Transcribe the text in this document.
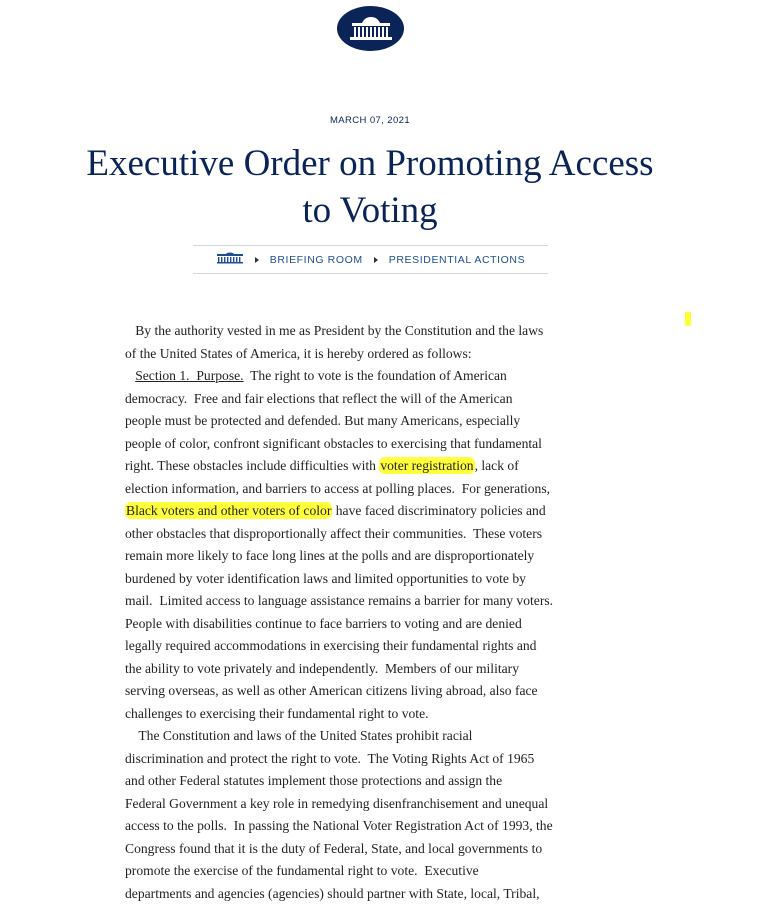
MARCH 07, 2021
Executive Order on Promoting Access
to Voting
BRIEFING ROOM PRESIDENTIAL ACTIONS
By the authority vested in me as President by the Constitution and the laws
of the United States of America, it is hereby ordered as follows:
Section 1.  Purpose.  The right to vote is the foundation of American
democracy.  Free and fair elections that reflect the will of the American
people must be protected and defended. But many Americans, especially
people of color, confront significant obstacles to exercising that fundamental
right. These obstacles include difficulties with voter registration, lack of
election information, and barriers to access at polling places.  For generations,
Black voters and other voters of color have faced discriminatory policies and
other obstacles that disproportionally affect their communities.  These voters
remain more likely to face long lines at the polls and are disproportionately
burdened by voter identification laws and limited opportunities to vote by
mail.  Limited access to language assistance remains a barrier for many voters.
People with disabilities continue to face barriers to voting and are denied
legally required accommodations in exercising their fundamental rights and
the ability to vote privately and independently.  Members of our military
serving overseas, as well as other American citizens living abroad, also face
challenges to exercising their fundamental right to vote.
The Constitution and laws of the United States prohibit racial
discrimination and protect the right to vote.  The Voting Rights Act of 1965
and other Federal statutes implement those protections and assign the
Federal Government a key role in remedying disenfranchisement and unequal
access to the polls.  In passing the National Voter Registration Act of 1993, the
Congress found that it is the duty of Federal, State, and local governments to
promote the exercise of the fundamental right to vote.  Executive
departments and agencies (agencies) should partner with State, local, Tribal,
